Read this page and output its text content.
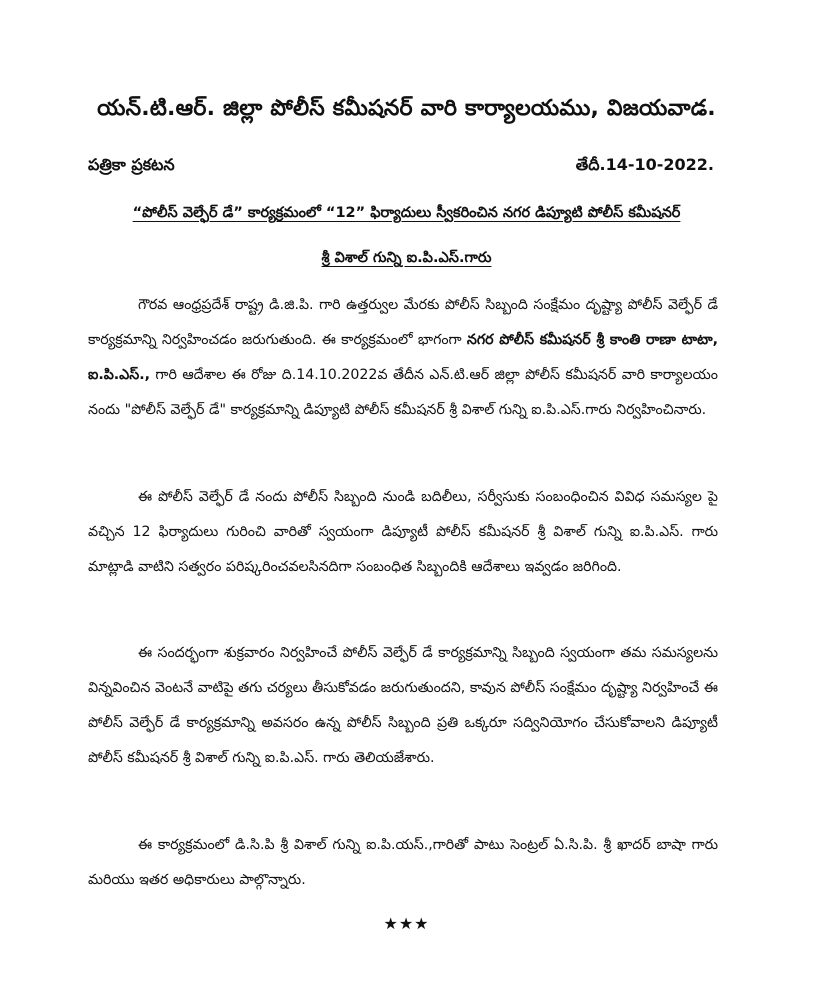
యన్.టి.ఆర్. జిల్లా పోలీస్ కమీషనర్ వారి కార్యాలయము, విజయవాడ.
పత్రికా ప్రకటన	తేదీ.14-10-2022.
“పోలీస్ వెల్ఫేర్ డే” కార్యక్రమంలో “12” ఫిర్యాదులు స్వీకరించిన నగర డిప్యూటి పోలీస్ కమీషనర్
శ్రీ విశాల్ గున్ని ఐ.పి.ఎస్.గారు

గౌరవ ఆంధ్రప్రదేశ్ రాష్ట్ర డి.జి.పి. గారి ఉత్తర్వుల మేరకు పోలీస్ సిబ్బంది సంక్షేమం దృష్ట్యా పోలీస్ వెల్ఫేర్ డే కార్యక్రమాన్ని నిర్వహించడం జరుగుతుంది. ఈ కార్యక్రమంలో భాగంగా నగర పోలీస్ కమీషనర్ శ్రీ కాంతి రాణా టాటా, ఐ.పి.ఎస్., గారి ఆదేశాల ఈ రోజు ది.14.10.2022వ తేదీన ఎన్.టి.ఆర్ జిల్లా పోలీస్ కమీషనర్ వారి కార్యాలయం నందు "పోలీస్ వెల్ఫేర్ డే" కార్యక్రమాన్ని డిప్యూటి పోలీస్ కమీషనర్ శ్రీ విశాల్ గున్ని ఐ.పి.ఎస్.గారు నిర్వహించినారు.

ఈ పోలీస్ వెల్ఫేర్ డే నందు పోలీస్ సిబ్బంది నుండి బదిలీలు, సర్వీసుకు సంబంధించిన వివిధ సమస్యల పై వచ్చిన 12 ఫిర్యాదులు గురించి వారితో స్వయంగా డిప్యూటీ పోలీస్ కమీషనర్ శ్రీ విశాల్ గున్ని ఐ.పి.ఎస్. గారు మాట్లాడి వాటిని సత్వరం పరిష్కరించవలసినదిగా సంబంధిత సిబ్బందికి ఆదేశాలు ఇవ్వడం జరిగింది.

ఈ సందర్భంగా శుక్రవారం నిర్వహించే పోలీస్ వెల్ఫేర్ డే కార్యక్రమాన్ని సిబ్బంది స్వయంగా తమ సమస్యలను విన్నవించిన వెంటనే వాటిపై తగు చర్యలు తీసుకోవడం జరుగుతుందని, కావున పోలీస్ సంక్షేమం దృష్ట్యా నిర్వహించే ఈ పోలీస్ వెల్ఫేర్ డే కార్యక్రమాన్ని అవసరం ఉన్న పోలీస్ సిబ్బంది ప్రతి ఒక్కరూ సద్వినియోగం చేసుకోవాలని డిప్యూటీ పోలీస్ కమీషనర్ శ్రీ విశాల్ గున్ని ఐ.పి.ఎస్. గారు తెలియజేశారు.

ఈ కార్యక్రమంలో డి.సి.పి శ్రీ విశాల్ గున్ని ఐ.పి.యస్.,గారితో పాటు సెంట్రల్ ఏ.సి.పి. శ్రీ ఖాదర్ బాషా గారు మరియు ఇతర అధికారులు పాల్గొన్నారు.

★★★
